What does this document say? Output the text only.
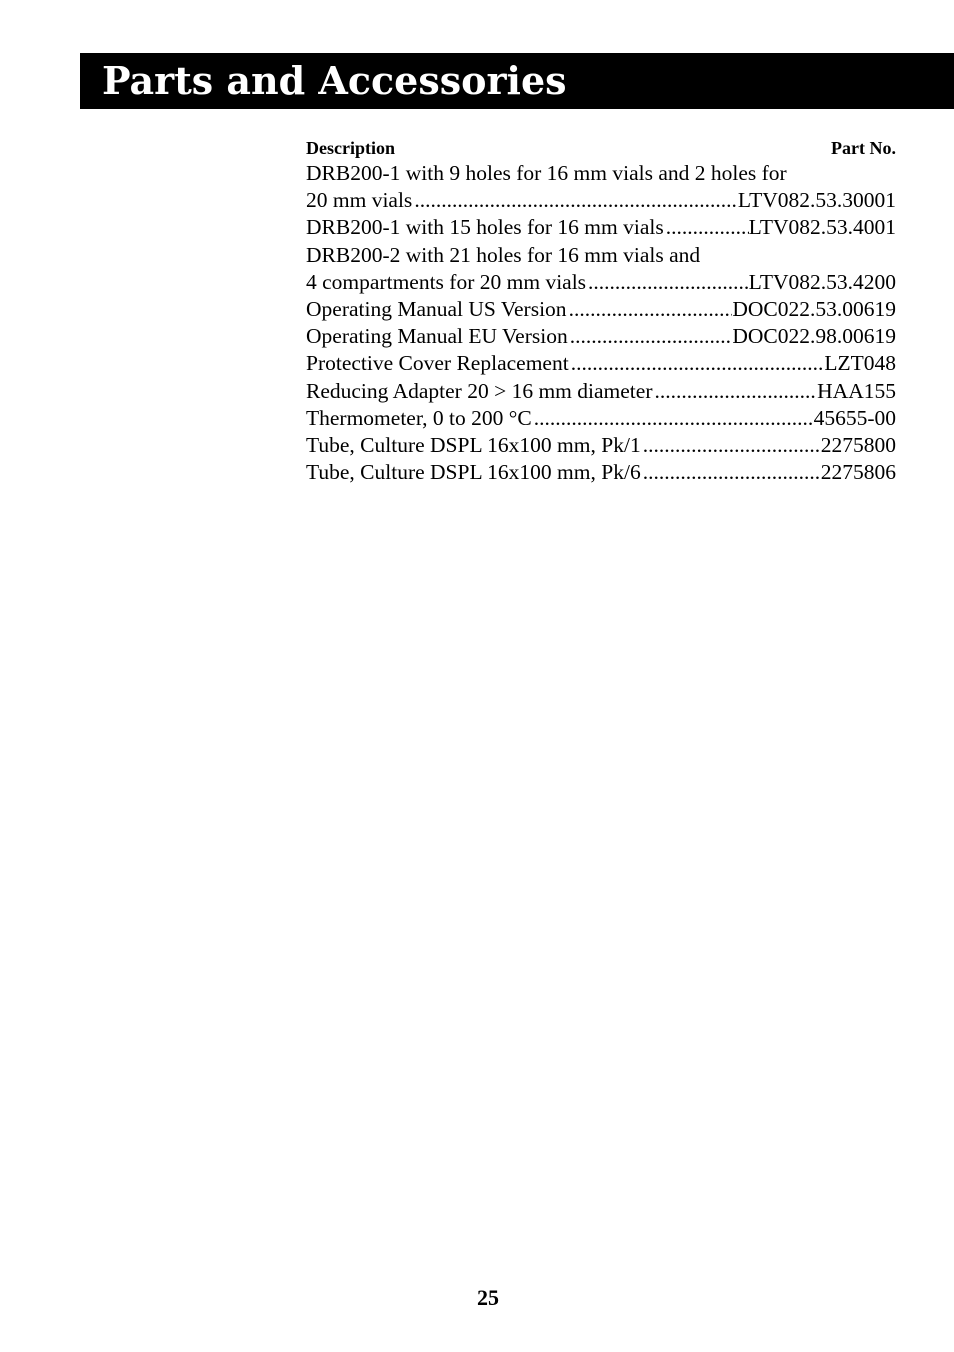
Parts and Accessories
Description	Part No.
DRB200-1 with 9 holes for 16 mm vials and 2 holes for
20 mm vials .....	LTV082.53.30001
DRB200-1 with 15 holes for 16 mm vials .....	LTV082.53.4001
DRB200-2 with 21 holes for 16 mm vials and
4 compartments for 20 mm vials .....	LTV082.53.4200
Operating Manual US Version .....	DOC022.53.00619
Operating Manual EU Version .....	DOC022.98.00619
Protective Cover Replacement .....	LZT048
Reducing Adapter 20 > 16 mm diameter .....	HAA155
Thermometer, 0 to 200 °C .....	45655-00
Tube, Culture DSPL 16x100 mm, Pk/1 .....	2275800
Tube, Culture DSPL 16x100 mm, Pk/6 .....	2275806
25
